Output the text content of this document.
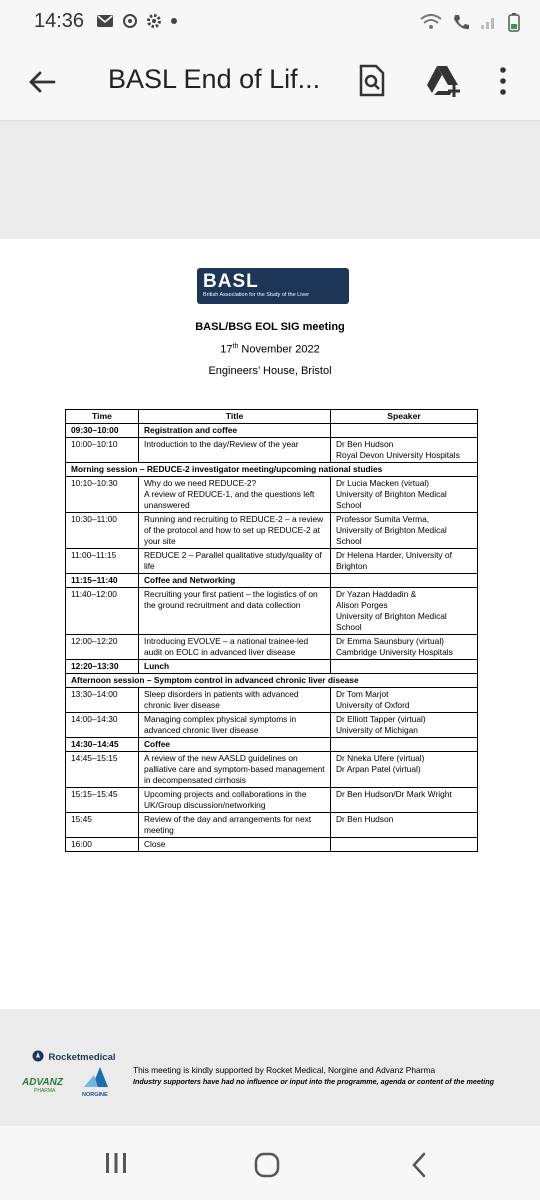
14:36
BASL End of Lif...
BASL
British Association for the Study of the Liver
BASL/BSG EOL SIG meeting
17th November 2022
Engineers’ House, Bristol
Time	Title	Speaker
09:30–10:00	Registration and coffee	
10:00–10:10	Introduction to the day/Review of the year	Dr Ben Hudson
Royal Devon University Hospitals
Morning session – REDUCE-2 investigator meeting/upcoming national studies		
10:10–10:30	Why do we need REDUCE-2?
A review of REDUCE-1, and the questions left unanswered	Dr Lucia Macken (virtual)
University of Brighton Medical School
10:30–11:00	Running and recruiting to REDUCE-2 – a review of the protocol and how to set up REDUCE-2 at your site	Professor Sumita Verma,
University of Brighton Medical School
11:00–11:15	REDUCE 2 – Parallel qualitative study/quality of life	Dr Helena Harder, University of Brighton
11:15–11:40	Coffee and Networking	
11:40–12:00	Recruiting your first patient – the logistics of on the ground recruitment and data collection	Dr Yazan Haddadin &
Alison Porges
University of Brighton Medical School
12:00–12:20	Introducing EVOLVE – a national trainee-led audit on EOLC in advanced liver disease	Dr Emma Saunsbury (virtual)
Cambridge University Hospitals
12:20–13:30	Lunch	
Afternoon session – Symptom control in advanced chronic liver disease		
13:30–14:00	Sleep disorders in patients with advanced chronic liver disease	Dr Tom Marjot
University of Oxford
14:00–14:30	Managing complex physical symptoms in advanced chronic liver disease	Dr Elliott Tapper (virtual)
University of Michigan
14:30–14:45	Coffee	
14:45–15:15	A review of the new AASLD guidelines on palliative care and symptom-based management in decompensated cirrhosis	Dr Nneka Ufere (virtual)
Dr Arpan Patel (virtual)
15:15–15:45	Upcoming projects and collaborations in the UK/Group discussion/networking	Dr Ben Hudson/Dr Mark Wright
15:45	Review of the day and arrangements for next meeting	Dr Ben Hudson
16:00	Close	
Rocketmedical
ADVANZ
PHARMA
NORGINE
This meeting is kindly supported by Rocket Medical, Norgine and Advanz Pharma
Industry supporters have had no influence or input into the programme, agenda or content of the meeting
